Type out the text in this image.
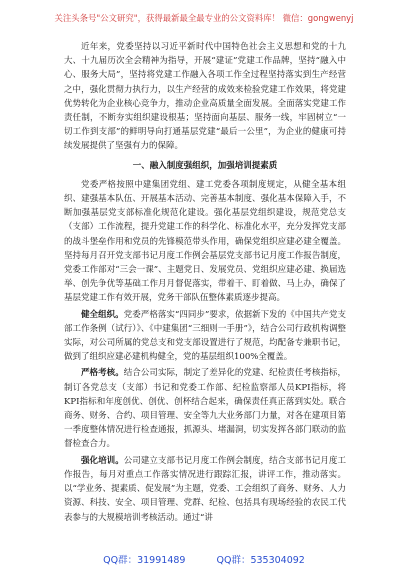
关注头条号"公文研究"，获得最新最全最专业的公文资料库！ 微信：gongwenyj

近年来，党委坚持以习近平新时代中国特色社会主义思想和党的十九大、十九届历次全会精神为指导，开展“建证”党建工作品牌，坚持“融入中心、服务大局”，坚持将党建工作融入各项工作全过程坚持落实到生产经营之中，强化贯彻力执行力，以生产经营的成效来检验党建工作效果，将党建优势转化为企业核心竞争力，推动企业高质量全面发展。全面落实党建工作责任制，不断夯实组织建设根基；坚持面向基层、服务一线，牢固树立“一切工作到支部”的鲜明导向打通基层党建“最后一公里”，为企业的健康可持续发展提供了坚强有力的保障。

一、融入制度强组织，加强培训提素质

党委严格按照中建集团党组、建工党委各项制度规定，从健全基本组织、建强基本队伍、开展基本活动、完善基本制度、强化基本保障入手，不断加强基层党支部标准化规范化建设。强化基层党组织建设，规范党总支（支部）工作流程，提升党建工作的科学化、标准化水平，充分发挥党支部的战斗堡垒作用和党员的先锋模范带头作用，确保党组织应建必建全覆盖。坚持每月召开党支部书记月度工作例会基层党支部书记月度工作报告制度，党委工作部对“三会一课”、主题党日、发展党员、党组织应建必建、换届选举、创先争优等基础工作月月督促落实，带着干、盯着做、马上办，确保了基层党建工作有效开展，党务干部队伍整体素质逐步提高。

健全组织。党委严格落实“四同步”要求，依据新下发的《中国共产党支部工作条例（试行）》、《中建集团“三细则一手册”》，结合公司行政机构调整实际，对公司所属的党总支和党支部设置进行了规范，均配备专兼职书记，做到了组织应建必建机构健全，党的基层组织100%全覆盖。

严格考核。结合公司实际，制定了差异化的党建、纪检责任考核指标，制订各党总支（支部）书记和党委工作部、纪检监察部人员KPI指标，将KPI指标和年度创优、创优、创杯结合起来，确保责任真正落到实处。联合商务、财务、合约、项目管理、安全等九大业务部门力量，对各在建项目第一季度整体情况进行检查通报，抓源头、堵漏洞，切实发挥各部门联动的监督检查合力。

强化培训。公司建立支部书记月度工作例会制度，结合支部书记月度工作报告，每月对重点工作落实情况进行跟踪汇报，讲评工作，推动落实。以“学业务、提素质、促发展”为主题，党委、工会组织了商务、财务、人力资源、科技、安全、项目管理、党群、纪检、包括具有现场经验的农民工代表参与的大规模培训考核活动。通过“讲

QQ群：31991489	QQ群：535304092
